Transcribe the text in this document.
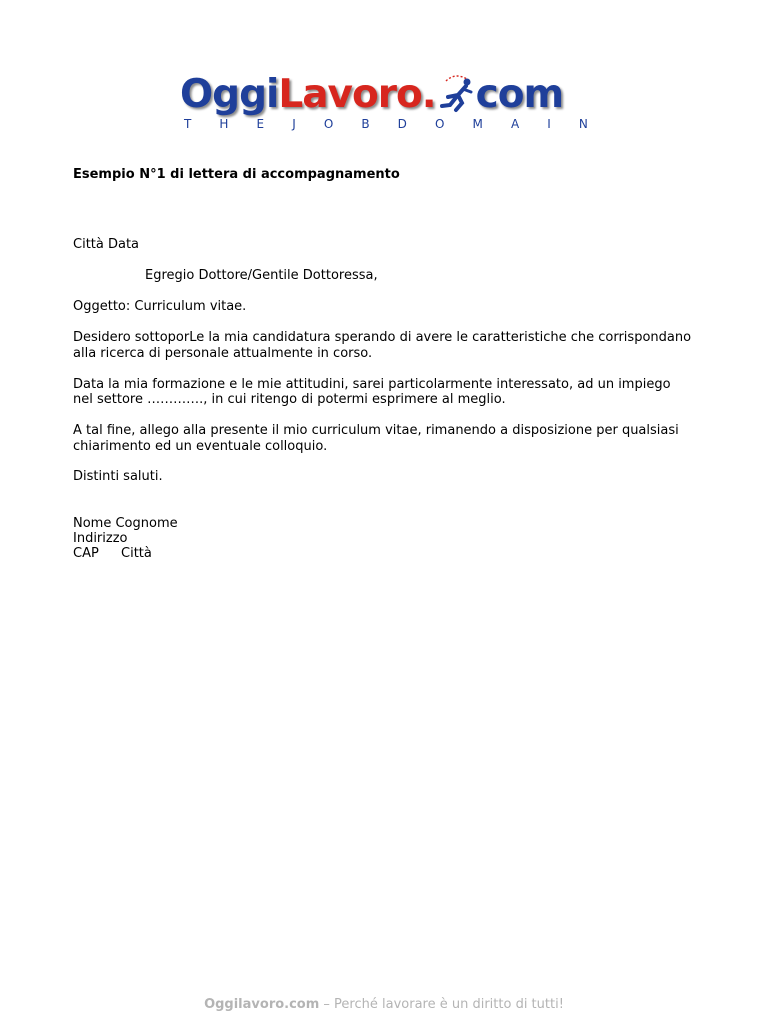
OggiLavoro. com
T H E J O B D O M A I N
Esempio N°1 di lettera di accompagnamento
Città Data
Egregio Dottore/Gentile Dottoressa,
Oggetto: Curriculum vitae.
Desidero sottoporLe la mia candidatura sperando di avere le caratteristiche che corrispondano
alla ricerca di personale attualmente in corso.
Data la mia formazione e le mie attitudini, sarei particolarmente interessato, ad un impiego
nel settore …………., in cui ritengo di potermi esprimere al meglio.
A tal fine, allego alla presente il mio curriculum vitae, rimanendo a disposizione per qualsiasi
chiarimento ed un eventuale colloquio.
Distinti saluti.
Nome Cognome
Indirizzo
CAP Città
Oggilavoro.com – Perché lavorare è un diritto di tutti!
